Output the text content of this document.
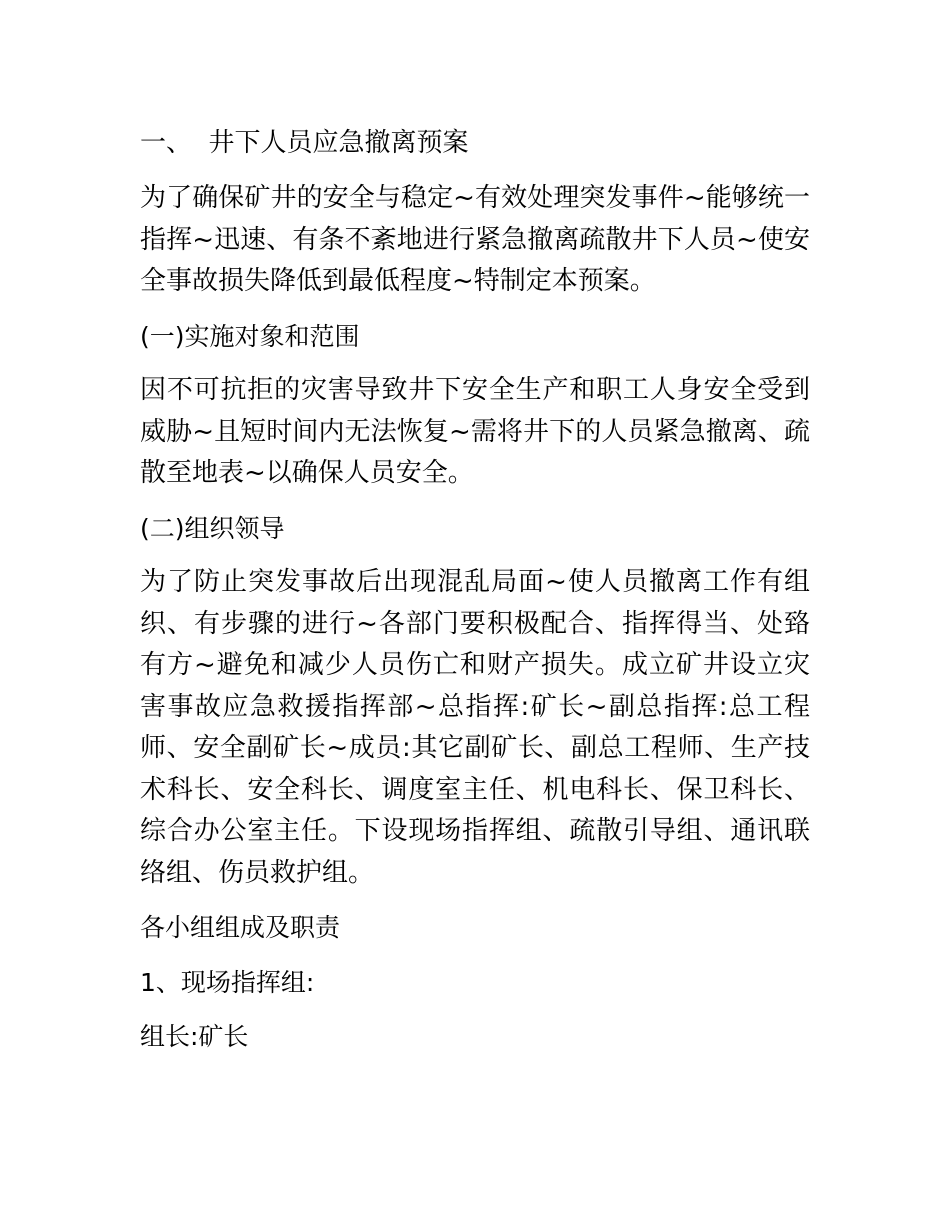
一、  井下人员应急撤离预案
为了确保矿井的安全与稳定~有效处理突发事件~能够统一指挥~迅速、有条不紊地进行紧急撤离疏散井下人员~使安全事故损失降低到最低程度~特制定本预案。
(一)实施对象和范围
因不可抗拒的灾害导致井下安全生产和职工人身安全受到威胁~且短时间内无法恢复~需将井下的人员紧急撤离、疏散至地表~以确保人员安全。
(二)组织领导
为了防止突发事故后出现混乱局面~使人员撤离工作有组织、有步骤的进行~各部门要积极配合、指挥得当、处臵有方~避免和减少人员伤亡和财产损失。成立矿井设立灾害事故应急救援指挥部~总指挥:矿长~副总指挥:总工程师、安全副矿长~成员:其它副矿长、副总工程师、生产技术科长、安全科长、调度室主任、机电科长、保卫科长、综合办公室主任。下设现场指挥组、疏散引导组、通讯联络组、伤员救护组。
各小组组成及职责
1、现场指挥组:
组长:矿长
